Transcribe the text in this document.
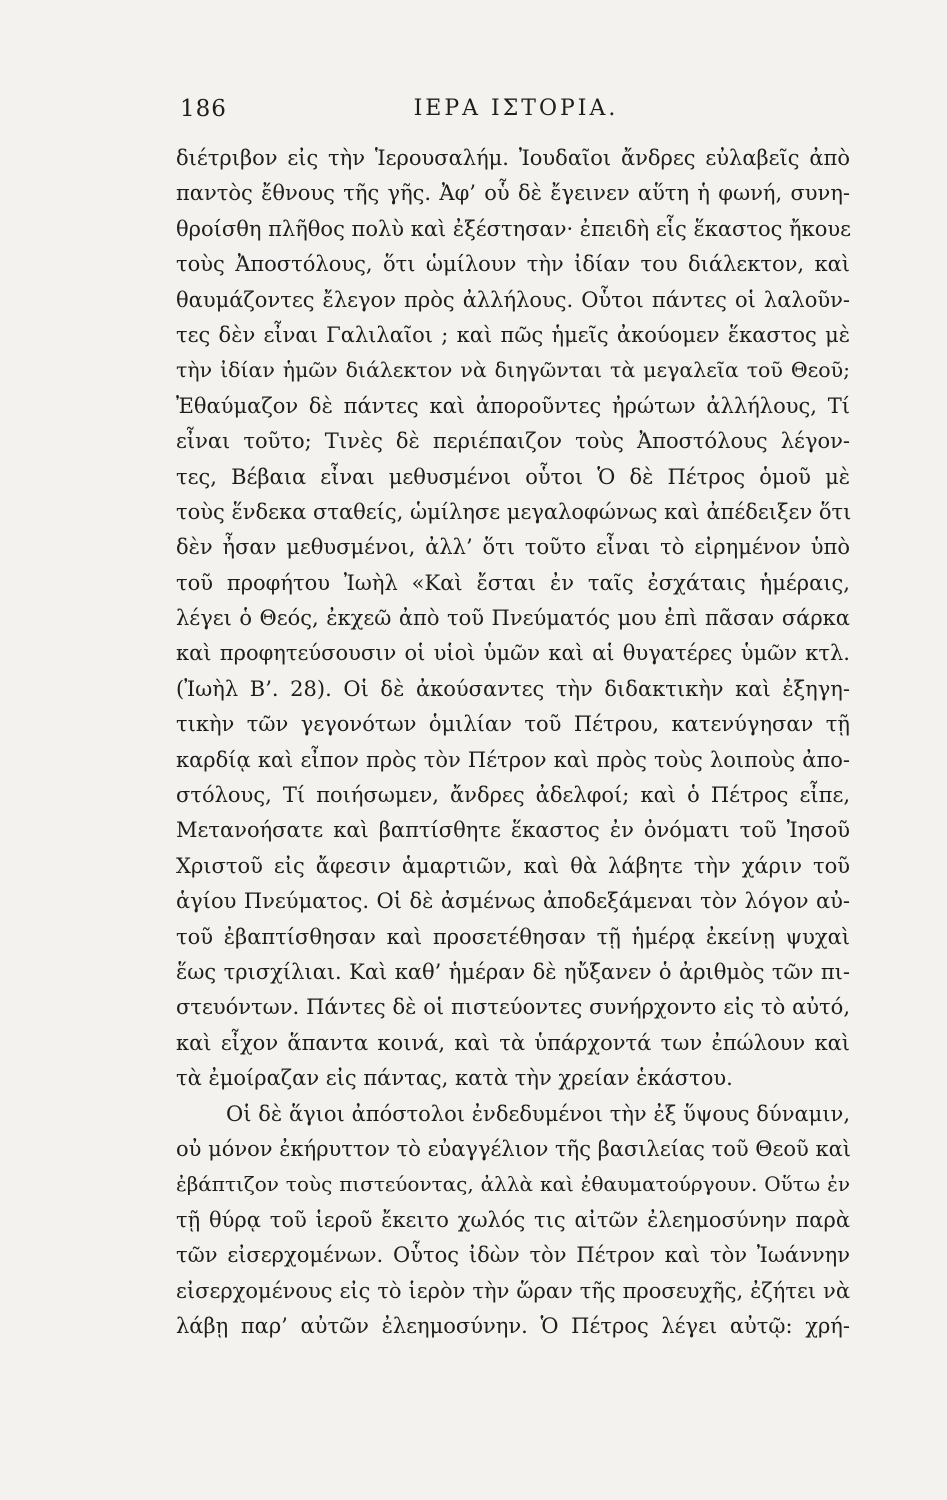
186	ΙΕΡΑ ΙΣΤΟΡΙΑ.
διέτριβον εἰς τὴν Ἱερουσαλήμ. Ἰουδαῖοι ἄνδρες εὐλαβεῖς ἀπὸ
παντὸς ἔθνους τῆς γῆς. Ἀφ’ οὗ δὲ ἔγεινεν αὕτη ἡ φωνή, συνη-
θροίσθη πλῆθος πολὺ καὶ ἐξέστησαν· ἐπειδὴ εἷς ἕκαστος ἤκουε
τοὺς Ἀποστόλους, ὅτι ὡμίλουν τὴν ἰδίαν του διάλεκτον, καὶ
θαυμάζοντες ἔλεγον πρὸς ἀλλήλους. Οὗτοι πάντες οἱ λαλοῦν-
τες δὲν εἶναι Γαλιλαῖοι ; καὶ πῶς ἡμεῖς ἀκούομεν ἕκαστος μὲ
τὴν ἰδίαν ἡμῶν διάλεκτον νὰ διηγῶνται τὰ μεγαλεῖα τοῦ Θεοῦ;
Ἐθαύμαζον δὲ πάντες καὶ ἀποροῦντες ἠρώτων ἀλλήλους, Τί
εἶναι τοῦτο; Τινὲς δὲ περιέπαιζον τοὺς Ἀποστόλους λέγον-
τες, Βέβαια εἶναι μεθυσμένοι οὗτοι Ὁ δὲ Πέτρος ὁμοῦ μὲ
τοὺς ἕνδεκα σταθείς, ὡμίλησε μεγαλοφώνως καὶ ἀπέδειξεν ὅτι
δὲν ἦσαν μεθυσμένοι, ἀλλ’ ὅτι τοῦτο εἶναι τὸ εἰρημένον ὑπὸ
τοῦ προφήτου Ἰωὴλ «Καὶ ἔσται ἐν ταῖς ἐσχάταις ἡμέραις,
λέγει ὁ Θεός, ἐκχεῶ ἀπὸ τοῦ Πνεύματός μου ἐπὶ πᾶσαν σάρκα
καὶ προφητεύσουσιν οἱ υἱοὶ ὑμῶν καὶ αἱ θυγατέρες ὑμῶν κτλ.
(Ἰωὴλ Β’. 28). Οἱ δὲ ἀκούσαντες τὴν διδακτικὴν καὶ ἐξηγη-
τικὴν τῶν γεγονότων ὁμιλίαν τοῦ Πέτρου, κατενύγησαν τῇ
καρδίᾳ καὶ εἶπον πρὸς τὸν Πέτρον καὶ πρὸς τοὺς λοιποὺς ἀπο-
στόλους, Τί ποιήσωμεν, ἄνδρες ἀδελφοί; καὶ ὁ Πέτρος εἶπε,
Μετανοήσατε καὶ βαπτίσθητε ἕκαστος ἐν ὀνόματι τοῦ Ἰησοῦ
Χριστοῦ εἰς ἄφεσιν ἁμαρτιῶν, καὶ θὰ λάβητε τὴν χάριν τοῦ
ἁγίου Πνεύματος. Οἱ δὲ ἀσμένως ἀποδεξάμεναι τὸν λόγον αὐ-
τοῦ ἐβαπτίσθησαν καὶ προσετέθησαν τῇ ἡμέρᾳ ἐκείνῃ ψυχαὶ
ἕως τρισχίλιαι. Καὶ καθ’ ἡμέραν δὲ ηὔξανεν ὁ ἀριθμὸς τῶν πι-
στευόντων. Πάντες δὲ οἱ πιστεύοντες συνήρχοντο εἰς τὸ αὐτό,
καὶ εἶχον ἅπαντα κοινά, καὶ τὰ ὑπάρχοντά των ἐπώλουν καὶ
τὰ ἐμοίραζαν εἰς πάντας, κατὰ τὴν χρείαν ἑκάστου.
Οἱ δὲ ἅγιοι ἀπόστολοι ἐνδεδυμένοι τὴν ἐξ ὕψους δύναμιν,
οὐ μόνον ἐκήρυττον τὸ εὐαγγέλιον τῆς βασιλείας τοῦ Θεοῦ καὶ
ἐβάπτιζον τοὺς πιστεύοντας, ἀλλὰ καὶ ἐθαυματούργουν. Οὕτω ἐν
τῇ θύρᾳ τοῦ ἱεροῦ ἔκειτο χωλός τις αἰτῶν ἐλεημοσύνην παρὰ
τῶν εἰσερχομένων. Οὗτος ἰδὼν τὸν Πέτρον καὶ τὸν Ἰωάννην
εἰσερχομένους εἰς τὸ ἱερὸν τὴν ὥραν τῆς προσευχῆς, ἐζήτει νὰ
λάβῃ παρ’ αὐτῶν ἐλεημοσύνην. Ὁ Πέτρος λέγει αὐτῷ: χρή-
